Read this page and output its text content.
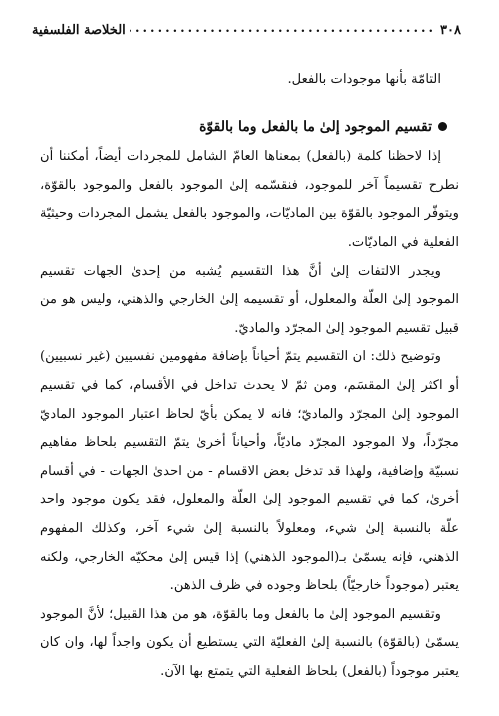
٣٠٨
.....
الخلاصة الفلسفية

التامّة بأنها موجودات بالفعل.

تقسيم الموجود إلىٰ ما بالفعل وما بالقوّة

إذا لاحظنا كلمة (بالفعل) بمعناها العامّ الشامل للمجردات أيضاً، أمكننا أن نطرح تقسيماً آخر للموجود، فنقسّمه إلىٰ الموجود بالفعل والموجود بالقوّة، ويتوفّر الموجود بالقوّة بين الماديّات، والموجود بالفعل يشمل المجردات وحيثيّة الفعلية في الماديّات.

ويجدر الالتفات إلىٰ أنَّ هذا التقسيم يُشبه من إحدىٰ الجهات تقسيم الموجود إلىٰ العلّة والمعلول، أو تقسيمه إلىٰ الخارجي والذهني، وليس هو من قبيل تقسيم الموجود إلىٰ المجرّد والماديّ.

وتوضيح ذلك: ان التقسيم يتمّ أحياناً بإضافة مفهومين نفسيين (غير نسبيين) أو اكثر إلىٰ المقسَم، ومن ثمّ لا يحدث تداخل في الأقسام، كما في تقسيم الموجود إلىٰ المجرّد والماديّ؛ فانه لا يمكن بأيّ لحاظ اعتبار الموجود الماديّ مجرّداً، ولا الموجود المجرّد ماديّاً، وأحياناً أخرىٰ يتمّ التقسيم بلحاظ مفاهيم نسبيّة وإضافية، ولهذا قد تدخل بعض الاقسام - من احدىٰ الجهات - في أقسام أخرىٰ، كما في تقسيم الموجود إلىٰ العلّة والمعلول، فقد يكون موجود واحد علّة بالنسبة إلىٰ شيء، ومعلولاً بالنسبة إلىٰ شيء آخر، وكذلك المفهوم الذهني، فإنه يسمّىٰ بـ(الموجود الذهني) إذا قيس إلىٰ محكيّه الخارجي، ولكنه يعتبر (موجوداً خارجيّاً) بلحاظ وجوده في ظرف الذهن.

وتقسيم الموجود إلىٰ ما بالفعل وما بالقوّة، هو من هذا القبيل؛ لأنَّ الموجود يسمّىٰ (بالقوّة) بالنسبة إلىٰ الفعليّة التي يستطيع أن يكون واجداً لها، وان كان يعتبر موجوداً (بالفعل) بلحاظ الفعلية التي يتمتع بها الآن.
